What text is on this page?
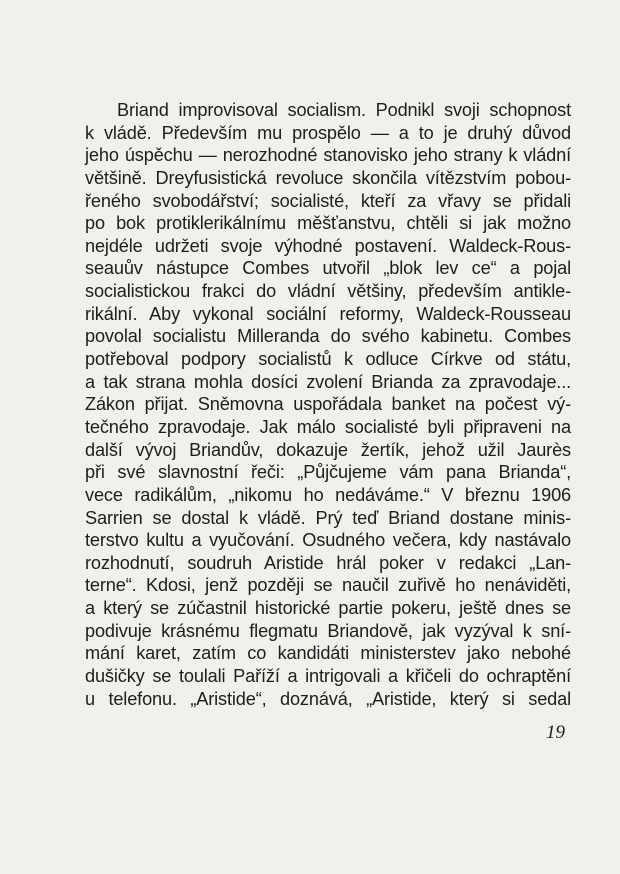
Briand improvisoval socialism. Podnikl svoji schopnost
k vládě. Především mu prospělo — a to je druhý důvod
jeho úspěchu — nerozhodné stanovisko jeho strany k vládní
většině. Dreyfusistická revoluce skončila vítězstvím pobou-
řeného svobodářství; socialisté, kteří za vřavy se přidali
po bok protiklerikálnímu měšťanstvu, chtěli si jak možno
nejdéle udržeti svoje výhodné postavení. Waldeck-Rous-
seauův nástupce Combes utvořil „blok lev ce“ a pojal
socialistickou frakci do vládní většiny, především antikle-
rikální. Aby vykonal sociální reformy, Waldeck-Rousseau
povolal socialistu Milleranda do svého kabinetu. Combes
potřeboval podpory socialistů k odluce Církve od státu,
a tak strana mohla dosíci zvolení Brianda za zpravodaje...
Zákon přijat. Sněmovna uspořádala banket na počest vý-
tečného zpravodaje. Jak málo socialisté byli připraveni na
další vývoj Briandův, dokazuje žertík, jehož užil Jaurès
při své slavnostní řeči: „Půjčujeme vám pana Brianda“,
vece radikálům, „nikomu ho nedáváme.“ V březnu 1906
Sarrien se dostal k vládě. Prý teď Briand dostane minis-
terstvo kultu a vyučování. Osudného večera, kdy nastávalo
rozhodnutí, soudruh Aristide hrál poker v redakci „Lan-
terne“. Kdosi, jenž později se naučil zuřivě ho nenáviděti,
a který se zúčastnil historické partie pokeru, ještě dnes se
podivuje krásnému flegmatu Briandově, jak vyzýval k sní-
mání karet, zatím co kandidáti ministerstev jako nebohé
dušičky se toulali Paříží a intrigovali a křičeli do ochraptění
u telefonu. „Aristide“, doznává, „Aristide, který si sedal
19
